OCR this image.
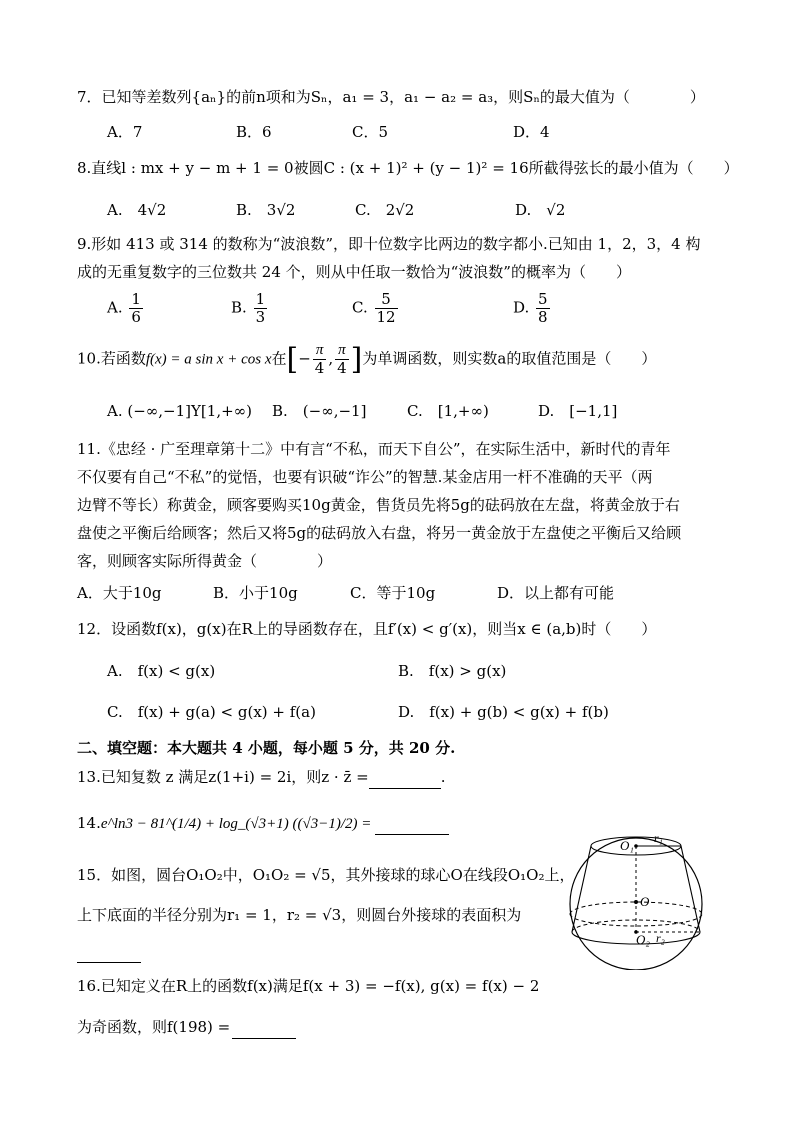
7．已知等差数列{aₙ}的前n项和为Sₙ，a₁ = 3，a₁ − a₂ = a₃，则Sₙ的最大值为（　　　　）
A．7	B．6	C．5	D．4
8.直线l : mx + y − m + 1 = 0被圆C : (x + 1)² + (y − 1)² = 16所截得弦长的最小值为（　　）
A.　4√2	B.　3√2	C.　2√2	D.　√2
9.形如 413 或 314 的数称为“波浪数”，即十位数字比两边的数字都小.已知由 1，2，3，4 构
成的无重复数字的三位数共 24 个，则从中任取一数恰为“波浪数”的概率为（　　）
A. $\frac{1}{6}$	B. $\frac{1}{3}$	C. $\frac{5}{12}$	D. $\frac{5}{8}$
10.若函数f(x) = a sin x + cos x在[− $\frac{\pi}{4}$ , $\frac{\pi}{4}$ ]为单调函数，则实数a的取值范围是（　　）
A. (−∞,−1]Y[1,+∞) B.　(−∞,−1]	C.　[1,+∞)	D.　[−1,1]
11.《忠经 · 广至理章第十二》中有言“不私，而天下自公”，在实际生活中，新时代的青年
不仅要有自己“不私”的觉悟，也要有识破“诈公”的智慧.某金店用一杆不准确的天平（两
边臂不等长）称黄金，顾客要购买10g黄金，售货员先将5g的砝码放在左盘，将黄金放于右
盘使之平衡后给顾客；然后又将5g的砝码放入右盘，将另一黄金放于左盘使之平衡后又给顾
客，则顾客实际所得黄金（　　　　）
A．大于10g	B．小于10g	C．等于10g	D．以上都有可能
12．设函数f(x)，g(x)在R上的导函数存在，且f′(x) < g′(x)，则当x ∈ (a,b)时（　　）
A.　f(x) < g(x)	B.　f(x) > g(x)
C.　f(x) + g(a) < g(x) + f(a)	D.　f(x) + g(b) < g(x) + f(b)
二、填空题：本大题共 4 小题，每小题 5 分，共 20 分.
13.已知复数 z 满足z(1+i) = 2i，则z · z̄ =	.
14.e^ln3 − 81^(1/4) + log_(√3+1) ((√3−1)/2) =
15．如图，圆台O₁O₂中，O₁O₂ = √5，其外接球的球心O在线段O₁O₂上，
上下底面的半径分别为r₁ = 1，r₂ = √3，则圆台外接球的表面积为
O₁ r₁
O
O₂ r₂
16.已知定义在R上的函数f(x)满足f(x + 3) = −f(x), g(x) = f(x) − 2
为奇函数，则f(198) =
